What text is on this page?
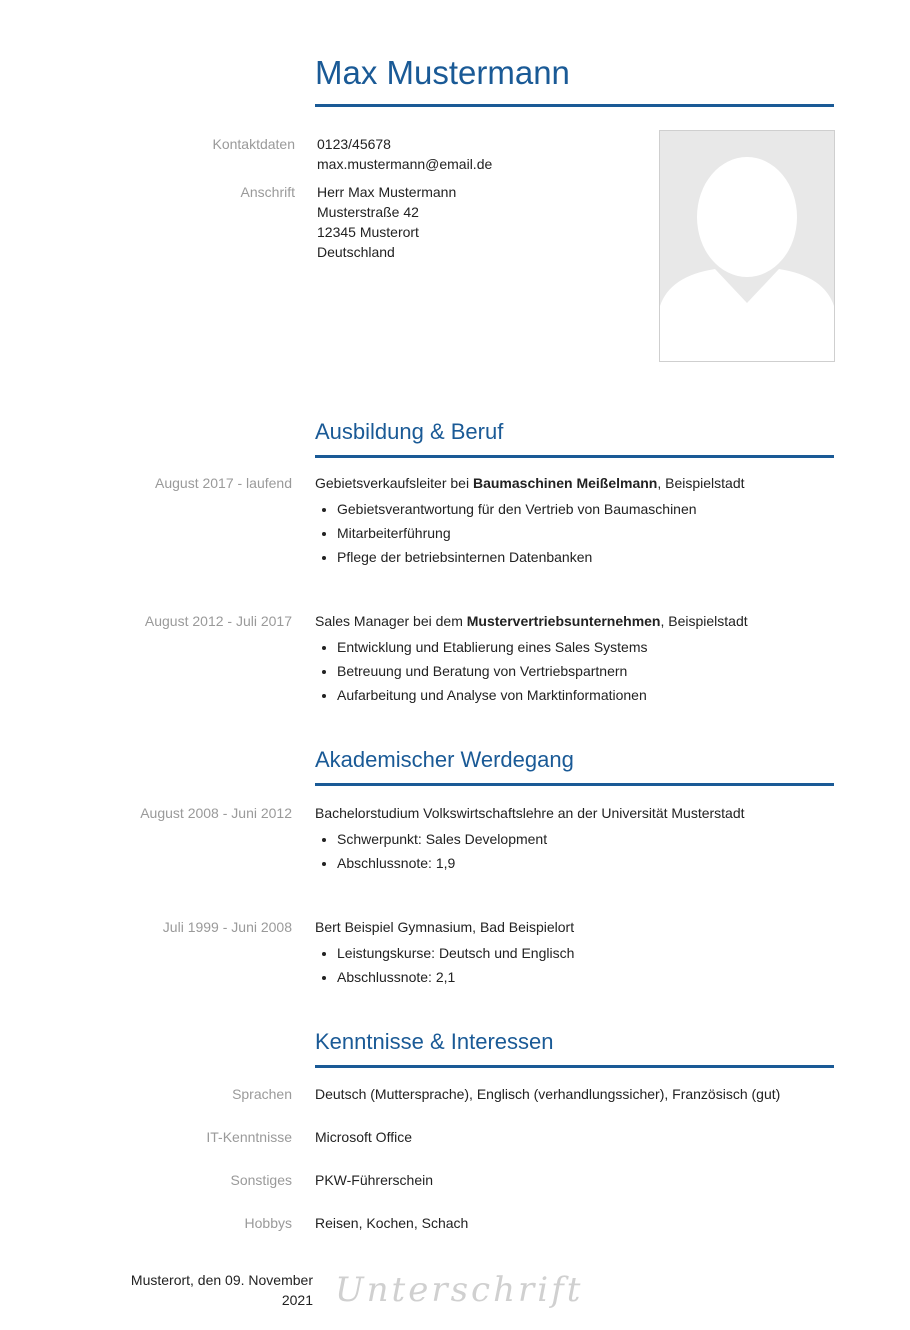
Max Mustermann
Kontaktdaten 0123/45678
max.mustermann@email.de
Anschrift Herr Max Mustermann
Musterstraße 42
12345 Musterort
Deutschland
Ausbildung & Beruf
August 2017 - laufend Gebietsverkaufsleiter bei Baumaschinen Meißelmann, Beispielstadt
• Gebietsverantwortung für den Vertrieb von Baumaschinen
• Mitarbeiterführung
• Pflege der betriebsinternen Datenbanken
August 2012 - Juli 2017 Sales Manager bei dem Mustervertriebsunternehmen, Beispielstadt
• Entwicklung und Etablierung eines Sales Systems
• Betreuung und Beratung von Vertriebspartnern
• Aufarbeitung und Analyse von Marktinformationen
Akademischer Werdegang
August 2008 - Juni 2012 Bachelorstudium Volkswirtschaftslehre an der Universität Musterstadt
• Schwerpunkt: Sales Development
• Abschlussnote: 1,9
Juli 1999 - Juni 2008 Bert Beispiel Gymnasium, Bad Beispielort
• Leistungskurse: Deutsch und Englisch
• Abschlussnote: 2,1
Kenntnisse & Interessen
Sprachen Deutsch (Muttersprache), Englisch (verhandlungssicher), Französisch (gut)
IT-Kenntnisse Microsoft Office
Sonstiges PKW-Führerschein
Hobbys Reisen, Kochen, Schach
Musterort, den 09. November
2021 Unterschrift
